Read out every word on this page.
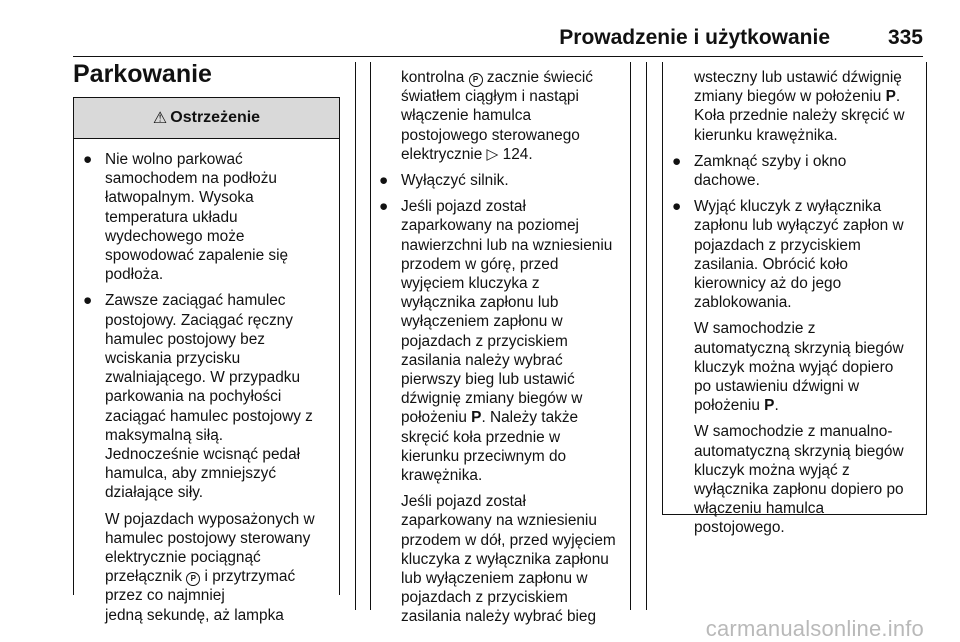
Prowadzenie i użytkowanie	335
Parkowanie
⚠ Ostrzeżenie
● Nie wolno parkować

samochodem na podłożu

łatwopalnym. Wysoka

temperatura układu

wydechowego może

spowodować zapalenie się

podłoża.

● Zawsze zaciągać hamulec

postojowy. Zaciągać ręczny

hamulec postojowy bez

wciskania przycisku

zwalniającego. W przypadku

parkowania na pochyłości

zaciągać hamulec postojowy z

maksymalną siłą.

Jednocześnie wcisnąć pedał

hamulca, aby zmniejszyć

działające siły.

W pojazdach wyposażonych w

hamulec postojowy sterowany

elektrycznie pociągnąć

przełącznik P i przytrzymać

przez co najmniej

jedną sekundę, aż lampka

kontrolna P zacznie świecić

światłem ciągłym i nastąpi

włączenie hamulca

postojowego sterowanego

elektrycznie ▷ 124.

● Wyłączyć silnik.

● Jeśli pojazd został

zaparkowany na poziomej

nawierzchni lub na wzniesieniu

przodem w górę, przed

wyjęciem kluczyka z

wyłącznika zapłonu lub

wyłączeniem zapłonu w

pojazdach z przyciskiem

zasilania należy wybrać

pierwszy bieg lub ustawić

dźwignię zmiany biegów w

położeniu P. Należy także

skręcić koła przednie w

kierunku przeciwnym do

krawężnika.

Jeśli pojazd został

zaparkowany na wzniesieniu

przodem w dół, przed wyjęciem

kluczyka z wyłącznika zapłonu

lub wyłączeniem zapłonu w

pojazdach z przyciskiem

zasilania należy wybrać bieg

wsteczny lub ustawić dźwignię

zmiany biegów w położeniu P.

Koła przednie należy skręcić w

kierunku krawężnika.

● Zamknąć szyby i okno

dachowe.

● Wyjąć kluczyk z wyłącznika

zapłonu lub wyłączyć zapłon w

pojazdach z przyciskiem

zasilania. Obrócić koło

kierownicy aż do jego

zablokowania.

W samochodzie z

automatyczną skrzynią biegów

kluczyk można wyjąć dopiero

po ustawieniu dźwigni w

położeniu P.

W samochodzie z manualno-

automatyczną skrzynią biegów

kluczyk można wyjąć z

wyłącznika zapłonu dopiero po

włączeniu hamulca

postojowego.

carmanualsonline.info
